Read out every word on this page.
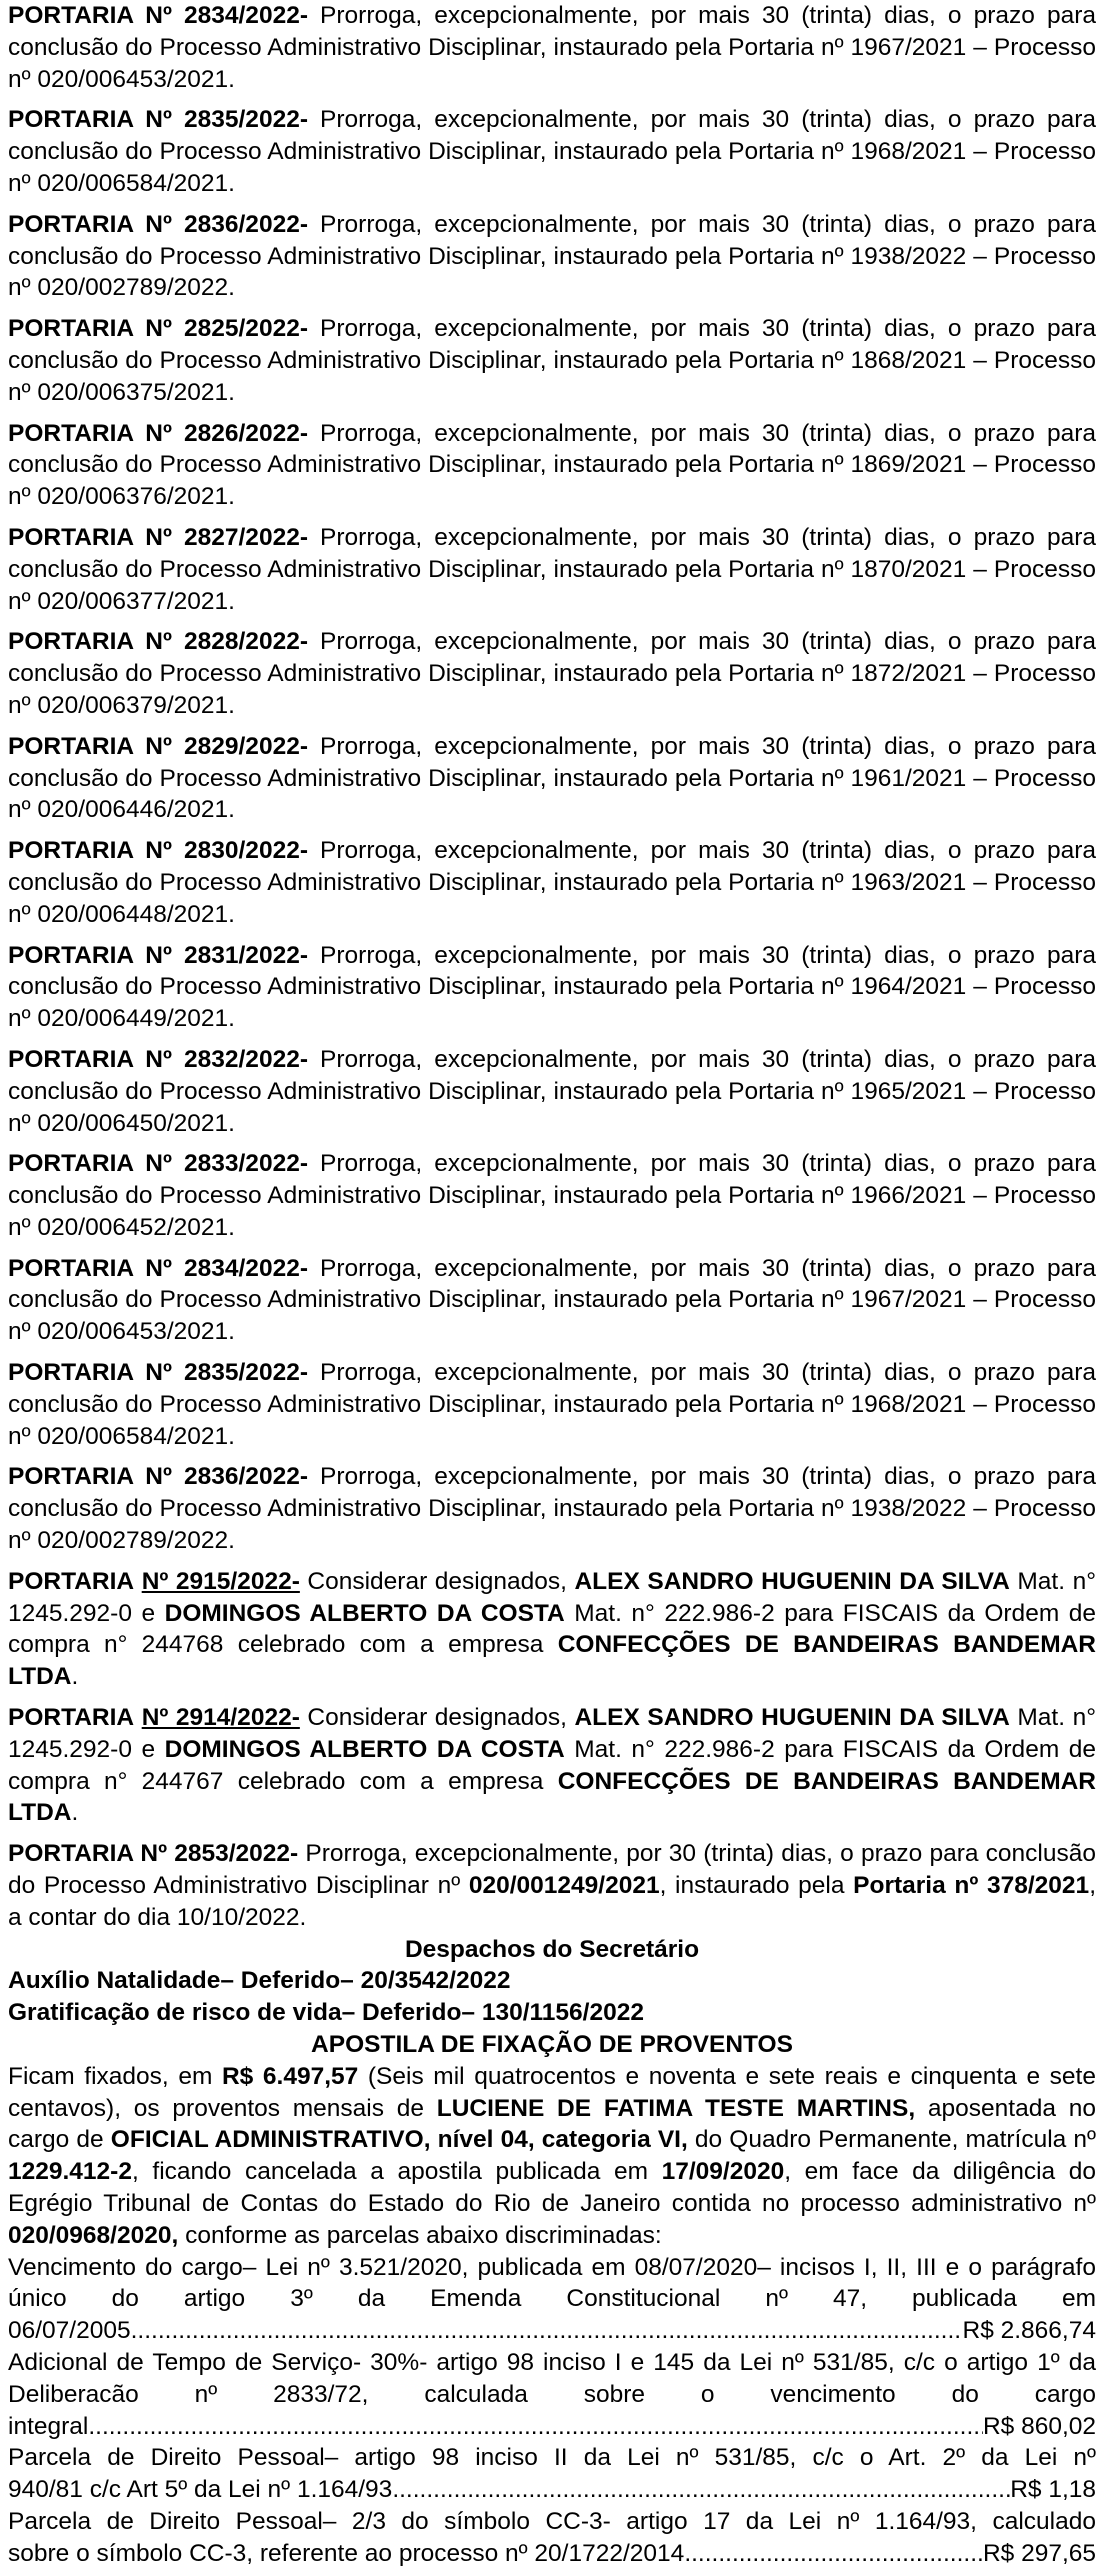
PORTARIA Nº 2834/2022- Prorroga, excepcionalmente, por mais 30 (trinta) dias, o prazo para conclusão do Processo Administrativo Disciplinar, instaurado pela Portaria nº 1967/2021 – Processo nº 020/006453/2021.

PORTARIA Nº 2835/2022- Prorroga, excepcionalmente, por mais 30 (trinta) dias, o prazo para conclusão do Processo Administrativo Disciplinar, instaurado pela Portaria nº 1968/2021 – Processo nº 020/006584/2021.

PORTARIA Nº 2836/2022- Prorroga, excepcionalmente, por mais 30 (trinta) dias, o prazo para conclusão do Processo Administrativo Disciplinar, instaurado pela Portaria nº 1938/2022 – Processo nº 020/002789/2022.

PORTARIA Nº 2825/2022- Prorroga, excepcionalmente, por mais 30 (trinta) dias, o prazo para conclusão do Processo Administrativo Disciplinar, instaurado pela Portaria nº 1868/2021 – Processo nº 020/006375/2021.

PORTARIA Nº 2826/2022- Prorroga, excepcionalmente, por mais 30 (trinta) dias, o prazo para conclusão do Processo Administrativo Disciplinar, instaurado pela Portaria nº 1869/2021 – Processo nº 020/006376/2021.

PORTARIA Nº 2827/2022- Prorroga, excepcionalmente, por mais 30 (trinta) dias, o prazo para conclusão do Processo Administrativo Disciplinar, instaurado pela Portaria nº 1870/2021 – Processo nº 020/006377/2021.

PORTARIA Nº 2828/2022- Prorroga, excepcionalmente, por mais 30 (trinta) dias, o prazo para conclusão do Processo Administrativo Disciplinar, instaurado pela Portaria nº 1872/2021 – Processo nº 020/006379/2021.

PORTARIA Nº 2829/2022- Prorroga, excepcionalmente, por mais 30 (trinta) dias, o prazo para conclusão do Processo Administrativo Disciplinar, instaurado pela Portaria nº 1961/2021 – Processo nº 020/006446/2021.

PORTARIA Nº 2830/2022- Prorroga, excepcionalmente, por mais 30 (trinta) dias, o prazo para conclusão do Processo Administrativo Disciplinar, instaurado pela Portaria nº 1963/2021 – Processo nº 020/006448/2021.

PORTARIA Nº 2831/2022- Prorroga, excepcionalmente, por mais 30 (trinta) dias, o prazo para conclusão do Processo Administrativo Disciplinar, instaurado pela Portaria nº 1964/2021 – Processo nº 020/006449/2021.

PORTARIA Nº 2832/2022- Prorroga, excepcionalmente, por mais 30 (trinta) dias, o prazo para conclusão do Processo Administrativo Disciplinar, instaurado pela Portaria nº 1965/2021 – Processo nº 020/006450/2021.

PORTARIA Nº 2833/2022- Prorroga, excepcionalmente, por mais 30 (trinta) dias, o prazo para conclusão do Processo Administrativo Disciplinar, instaurado pela Portaria nº 1966/2021 – Processo nº 020/006452/2021.

PORTARIA Nº 2834/2022- Prorroga, excepcionalmente, por mais 30 (trinta) dias, o prazo para conclusão do Processo Administrativo Disciplinar, instaurado pela Portaria nº 1967/2021 – Processo nº 020/006453/2021.

PORTARIA Nº 2835/2022- Prorroga, excepcionalmente, por mais 30 (trinta) dias, o prazo para conclusão do Processo Administrativo Disciplinar, instaurado pela Portaria nº 1968/2021 – Processo nº 020/006584/2021.

PORTARIA Nº 2836/2022- Prorroga, excepcionalmente, por mais 30 (trinta) dias, o prazo para conclusão do Processo Administrativo Disciplinar, instaurado pela Portaria nº 1938/2022 – Processo nº 020/002789/2022.

PORTARIA Nº 2915/2022- Considerar designados, ALEX SANDRO HUGUENIN DA SILVA Mat. n° 1245.292-0 e DOMINGOS ALBERTO DA COSTA Mat. n° 222.986-2 para FISCAIS da Ordem de compra n° 244768 celebrado com a empresa CONFECÇÕES DE BANDEIRAS BANDEMAR LTDA.

PORTARIA Nº 2914/2022- Considerar designados, ALEX SANDRO HUGUENIN DA SILVA Mat. n° 1245.292-0 e DOMINGOS ALBERTO DA COSTA Mat. n° 222.986-2 para FISCAIS da Ordem de compra n° 244767 celebrado com a empresa CONFECÇÕES DE BANDEIRAS BANDEMAR LTDA.

PORTARIA Nº 2853/2022- Prorroga, excepcionalmente, por 30 (trinta) dias, o prazo para conclusão do Processo Administrativo Disciplinar nº 020/001249/2021, instaurado pela Portaria nº 378/2021, a contar do dia 10/10/2022.

Despachos do Secretário

Auxílio Natalidade– Deferido– 20/3542/2022

Gratificação de risco de vida– Deferido– 130/1156/2022

APOSTILA DE FIXAÇÃO DE PROVENTOS

Ficam fixados, em R$ 6.497,57 (Seis mil quatrocentos e noventa e sete reais e cinquenta e sete centavos), os proventos mensais de LUCIENE DE FATIMA TESTE MARTINS, aposentada no cargo de OFICIAL ADMINISTRATIVO, nível 04, categoria VI, do Quadro Permanente, matrícula nº 1229.412-2, ficando cancelada a apostila publicada em 17/09/2020, em face da diligência do Egrégio Tribunal de Contas do Estado do Rio de Janeiro contida no processo administrativo nº 020/0968/2020, conforme as parcelas abaixo discriminadas:

Vencimento do cargo– Lei nº 3.521/2020, publicada em 08/07/2020– incisos I, II, III e o parágrafo único do artigo 3º da Emenda Constitucional nº 47, publicada em

06/07/2005 .....	R$ 2.866,74

Adicional de Tempo de Serviço- 30%- artigo 98 inciso I e 145 da Lei nº 531/85, c/c o artigo 1º da Deliberacão nº 2833/72, calculada sobre o vencimento do cargo

integral .....	R$ 860,02

Parcela de Direito Pessoal– artigo 98 inciso II da Lei nº 531/85, c/c o Art. 2º da Lei nº

940/81 c/c Art 5º da Lei nº 1.164/93 .....	R$ 1,18

Parcela de Direito Pessoal– 2/3 do símbolo CC-3- artigo 17 da Lei nº 1.164/93, calculado

sobre o símbolo CC-3, referente ao processo nº 20/1722/2014 .....	R$ 297,65
